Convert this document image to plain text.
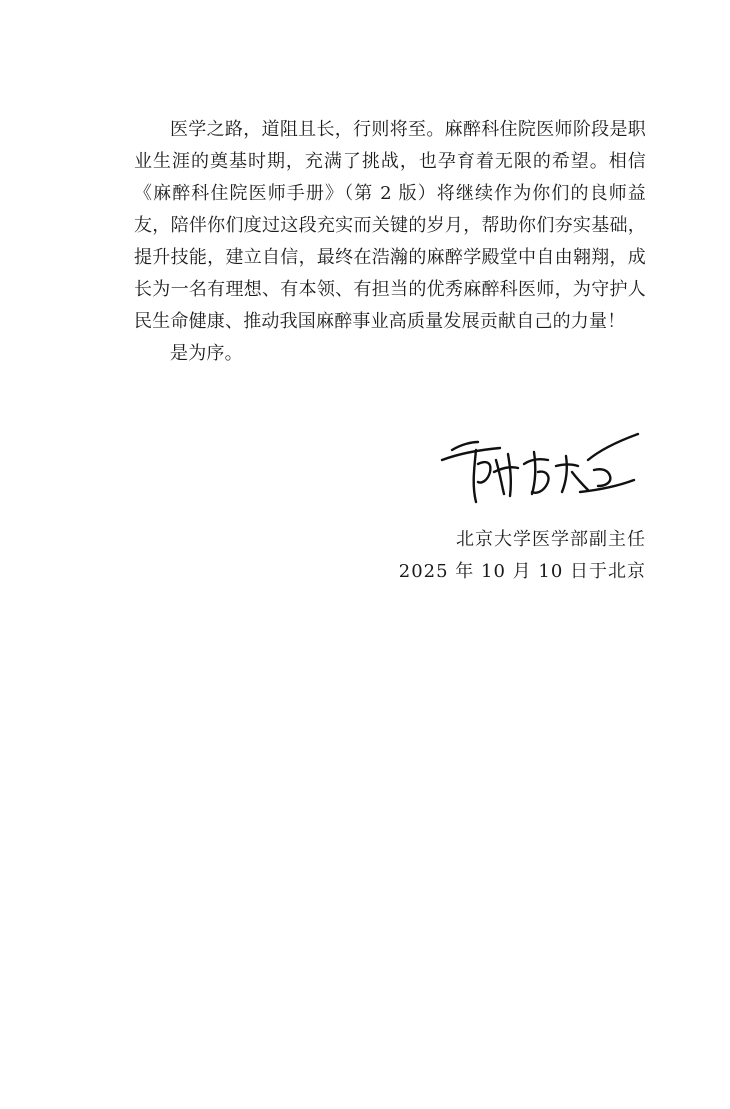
医学之路，道阻且长，行则将至。麻醉科住院医师阶段是职业生涯的奠基时期，充满了挑战，也孕育着无限的希望。相信《麻醉科住院医师手册》（第 2 版）将继续作为你们的良师益友，陪伴你们度过这段充实而关键的岁月，帮助你们夯实基础，提升技能，建立自信，最终在浩瀚的麻醉学殿堂中自由翱翔，成长为一名有理想、有本领、有担当的优秀麻醉科医师，为守护人民生命健康、推动我国麻醉事业高质量发展贡献自己的力量！

是为序。

北京大学医学部副主任
2025 年 10 月 10 日于北京
